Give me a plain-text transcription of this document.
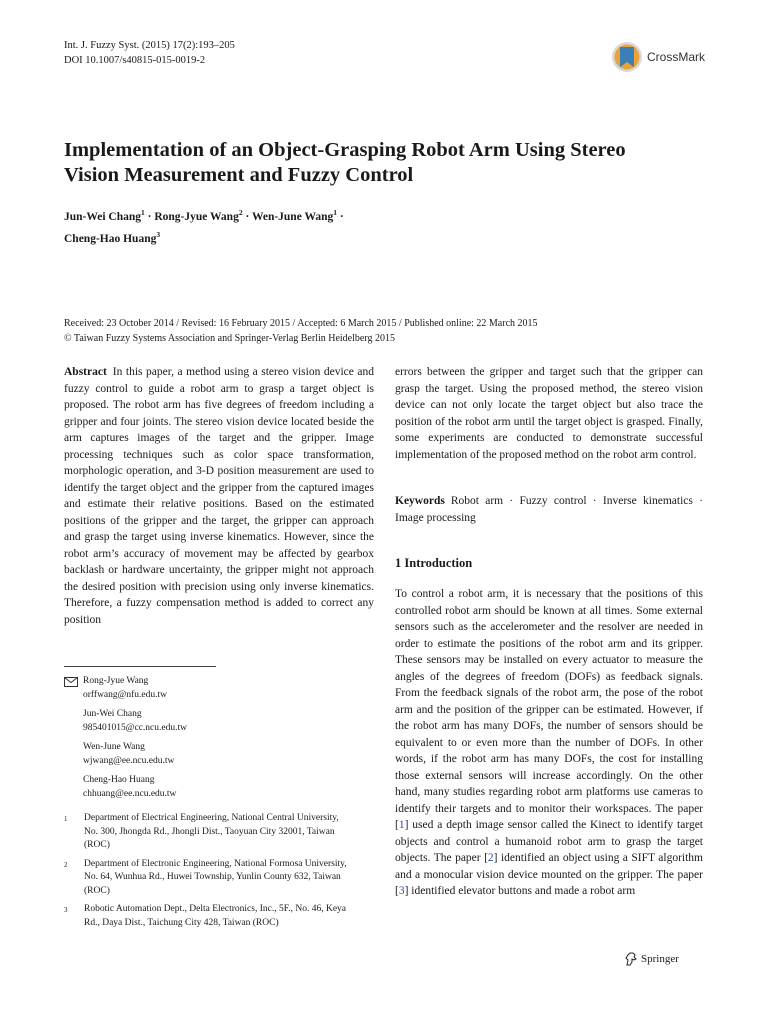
Int. J. Fuzzy Syst. (2015) 17(2):193–205
DOI 10.1007/s40815-015-0019-2	CrossMark
Implementation of an Object-Grasping Robot Arm Using Stereo
Vision Measurement and Fuzzy Control
Jun-Wei Chang$^1$ · Rong-Jyue Wang$^2$ · Wen-June Wang$^1$ ·
Cheng-Hao Huang$^3$
Received: 23 October 2014 / Revised: 16 February 2015 / Accepted: 6 March 2015 / Published online: 22 March 2015
© Taiwan Fuzzy Systems Association and Springer-Verlag Berlin Heidelberg 2015

Abstract In this paper, a method using a stereo vision device and fuzzy control to guide a robot arm to grasp a target object is proposed. The robot arm has five degrees of freedom including a gripper and four joints. The stereo vision device located beside the arm captures images of the target and the gripper. Image processing techniques such as color space transformation, morphologic operation, and 3-D position measurement are used to identify the target object and the gripper from the captured images and estimate their relative positions. Based on the estimated positions of the gripper and the target, the gripper can approach and grasp the target using inverse kinematics. However, since the robot arm’s accuracy of movement may be affected by gearbox backlash or hardware uncertainty, the gripper might not approach the desired position with precision using only inverse kinematics. Therefore, a fuzzy compensation method is added to correct any position

Rong-Jyue Wang
orffwang@nfu.edu.tw
Jun-Wei Chang
985401015@cc.ncu.edu.tw
Wen-June Wang
wjwang@ee.ncu.edu.tw
Cheng-Hao Huang
chhuang@ee.ncu.edu.tw
1	Department of Electrical Engineering, National Central University, No. 300, Jhongda Rd., Jhongli Dist., Taoyuan City 32001, Taiwan (ROC)
2	Department of Electronic Engineering, National Formosa University, No. 64, Wunhua Rd., Huwei Township, Yunlin County 632, Taiwan (ROC)
3	Robotic Automation Dept., Delta Electronics, Inc., 5F., No. 46, Keya Rd., Daya Dist., Taichung City 428, Taiwan (ROC)

errors between the gripper and target such that the gripper can grasp the target. Using the proposed method, the stereo vision device can not only locate the target object but also trace the position of the robot arm until the target object is grasped. Finally, some experiments are conducted to demonstrate successful implementation of the proposed method on the robot arm control.

Keywords Robot arm · Fuzzy control · Inverse kinematics · Image processing

1 Introduction

To control a robot arm, it is necessary that the positions of this controlled robot arm should be known at all times. Some external sensors such as the accelerometer and the resolver are needed in order to estimate the positions of the robot arm and its gripper. These sensors may be installed on every actuator to measure the angles of the degrees of freedom (DOFs) as feedback signals. From the feedback signals of the robot arm, the pose of the robot arm and the position of the gripper can be estimated. However, if the robot arm has many DOFs, the number of sensors should be equivalent to or even more than the number of DOFs. In other words, if the robot arm has many DOFs, the cost for installing those external sensors will increase accordingly. On the other hand, many studies regarding robot arm platforms use cameras to identify their targets and to monitor their workspaces. The paper [1] used a depth image sensor called the Kinect to identify target objects and control a humanoid robot arm to grasp the target objects. The paper [2] identified an object using a SIFT algorithm and a monocular vision device mounted on the gripper. The paper [3] identified elevator buttons and made a robot arm

Springer
